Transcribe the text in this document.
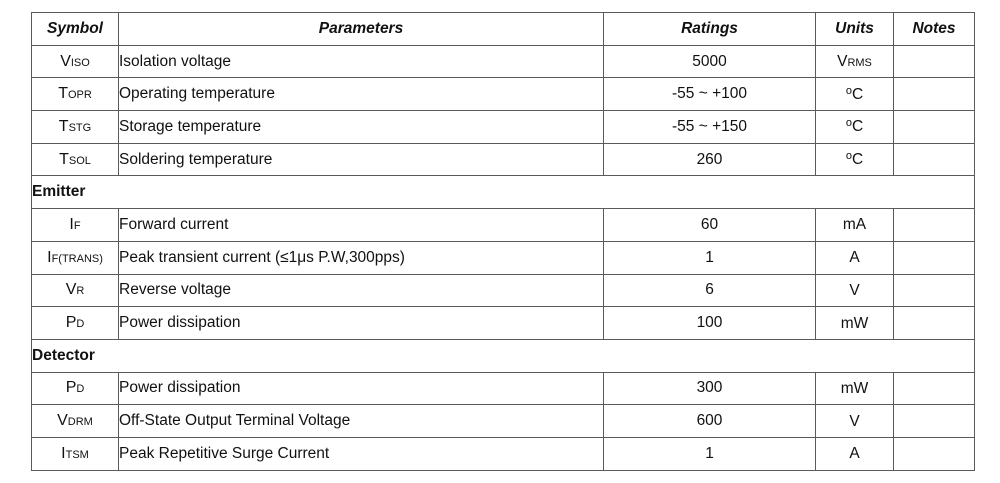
Symbol	Parameters	Ratings	Units	Notes
VISO	Isolation voltage	5000	VRMS	
TOPR	Operating temperature	-55 ~ +100	$^o$C	
TSTG	Storage temperature	-55 ~ +150	$^o$C	
TSOL	Soldering temperature	260	$^o$C	
Emitter				
IF	Forward current	60	mA	
IF(TRANS)	Peak transient current (≤1μs P.W,300pps)	1	A	
VR	Reverse voltage	6	V	
PD	Power dissipation	100	mW	
Detector				
PD	Power dissipation	300	mW	
VDRM	Off-State Output Terminal Voltage	600	V	
ITSM	Peak Repetitive Surge Current	1	A	
